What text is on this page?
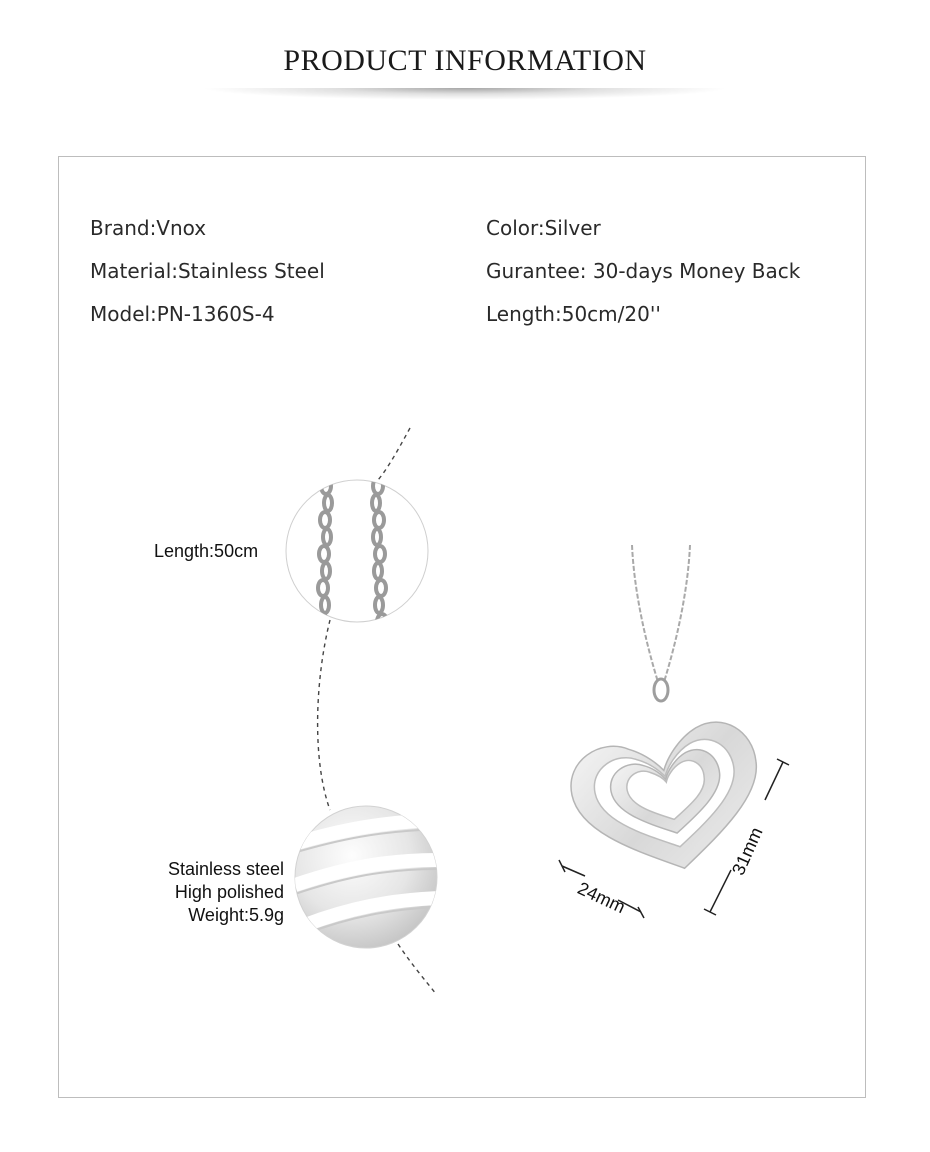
PRODUCT INFORMATION
Brand:Vnox
Material:Stainless Steel
Model:PN-1360S-4
Color:Silver
Gurantee: 30-days Money Back
Length:50cm/20''
Length:50cm
Stainless steel
High polished
Weight:5.9g	24mm
31mm
